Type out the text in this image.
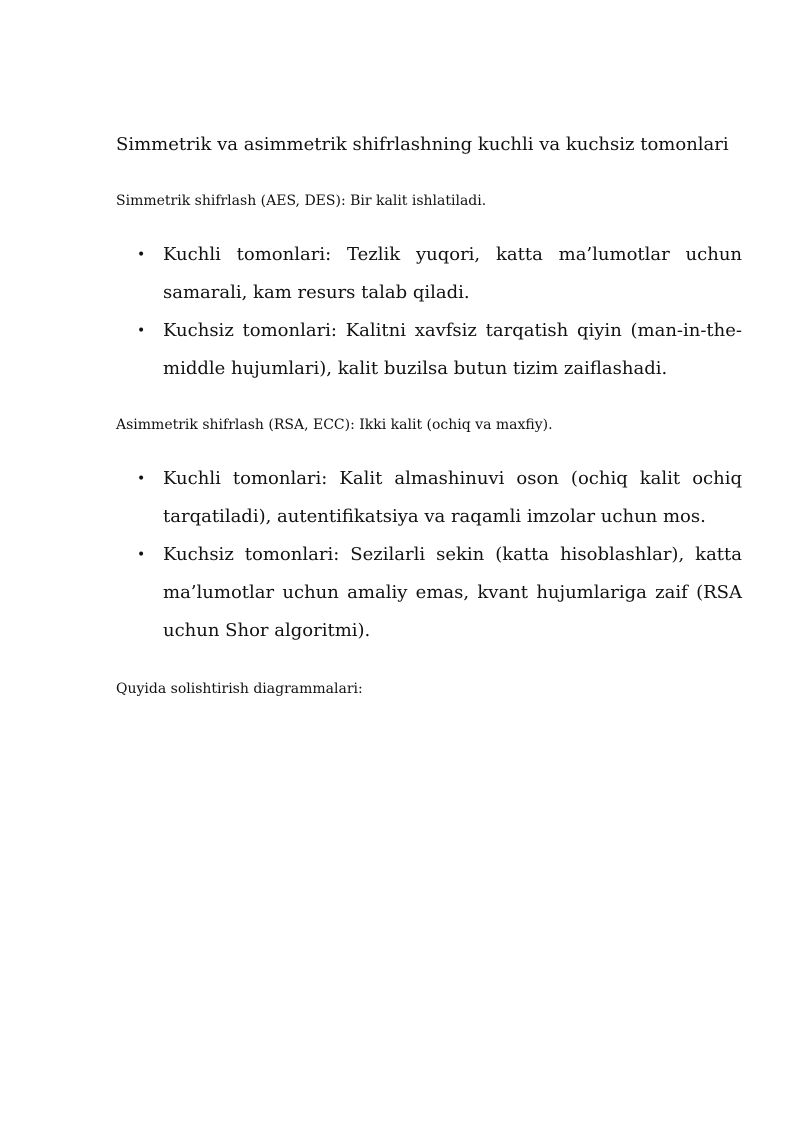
Simmetrik va asimmetrik shifrlashning kuchli va kuchsiz tomonlari

Simmetrik shifrlash (AES, DES): Bir kalit ishlatiladi.

• Kuchli tomonlari: Tezlik yuqori, katta ma’lumotlar uchun samarali, kam resurs talab qiladi.
• Kuchsiz tomonlari: Kalitni xavfsiz tarqatish qiyin (man-in-the-middle hujumlari), kalit buzilsa butun tizim zaiflashadi.

Asimmetrik shifrlash (RSA, ECC): Ikki kalit (ochiq va maxfiy).

• Kuchli tomonlari: Kalit almashinuvi oson (ochiq kalit ochiq tarqatiladi), autentifikatsiya va raqamli imzolar uchun mos.
• Kuchsiz tomonlari: Sezilarli sekin (katta hisoblashlar), katta ma’lumotlar uchun amaliy emas, kvant hujumlariga zaif (RSA uchun Shor algoritmi).

Quyida solishtirish diagrammalari:
